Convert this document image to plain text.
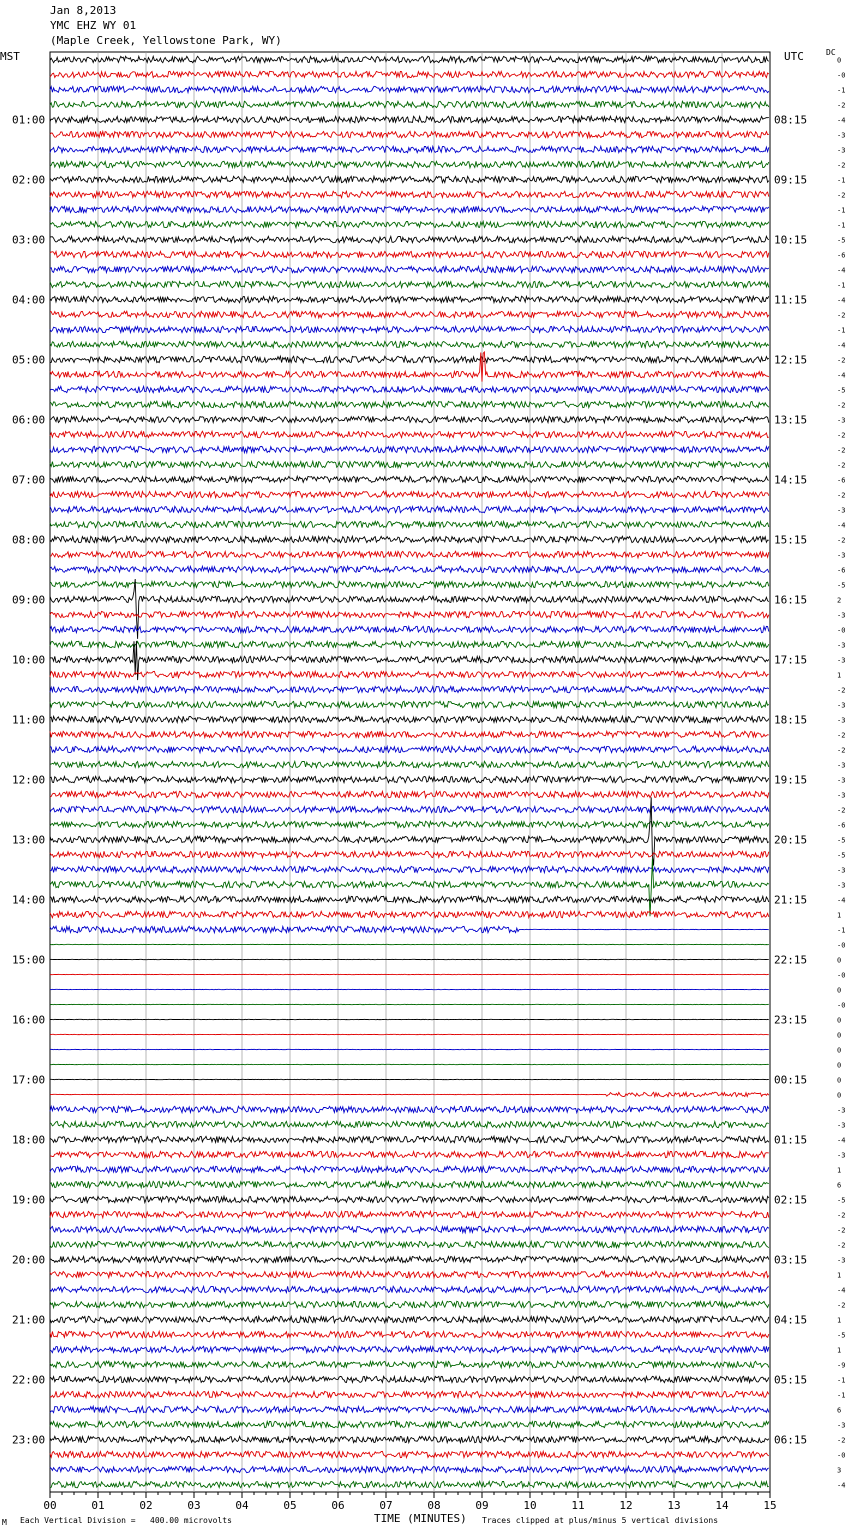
Jan 8,2013
YMC EHZ WY 01
(Maple Creek, Yellowstone Park, WY)
MST	UTC	DC
0
-0
-1
-2
-4
-3
-3
-2
-1
-2
-1
-1
-5
-6
-4
-1
-4
-2
-1
-4
-2
-4
-5
-2
-3
-2
-2
-2
-6
-2
-3
-4
-2
-3
-6
-5
2
-3
-0
-3
-3
1
-2
-3
-3
-2
-2
-3
-3
-3
-2
-6
-5
-5
-3
-3
-4
1
-1
-0
0
-0
0
-0
0
0
0
0
0
0
-3
-3
-4
-3
1
6
-5
-2
-2
-2
-3
1
-4
-2
1
-5
1
-9
-1
-1
6
-3
-2
-0
3
-4
01:00
02:00
03:00
04:00
05:00
06:00
07:00
08:00
09:00
10:00
11:00
12:00
13:00
14:00
15:00
16:00
17:00
18:00
19:00
20:00
21:00
22:00
23:00
08:15
09:15
10:15
11:15
12:15
13:15
14:15
15:15
16:15
17:15
18:15
19:15
20:15
21:15
22:15
23:15
00:15
01:15
02:15
03:15
04:15
05:15
06:15
00	01	02	03	04	05	06	07	08	09	10	11	12	13	14	15
M Each Vertical Division =   400.00 microvolts	TIME (MINUTES) Traces clipped at plus/minus 5 vertical divisions
